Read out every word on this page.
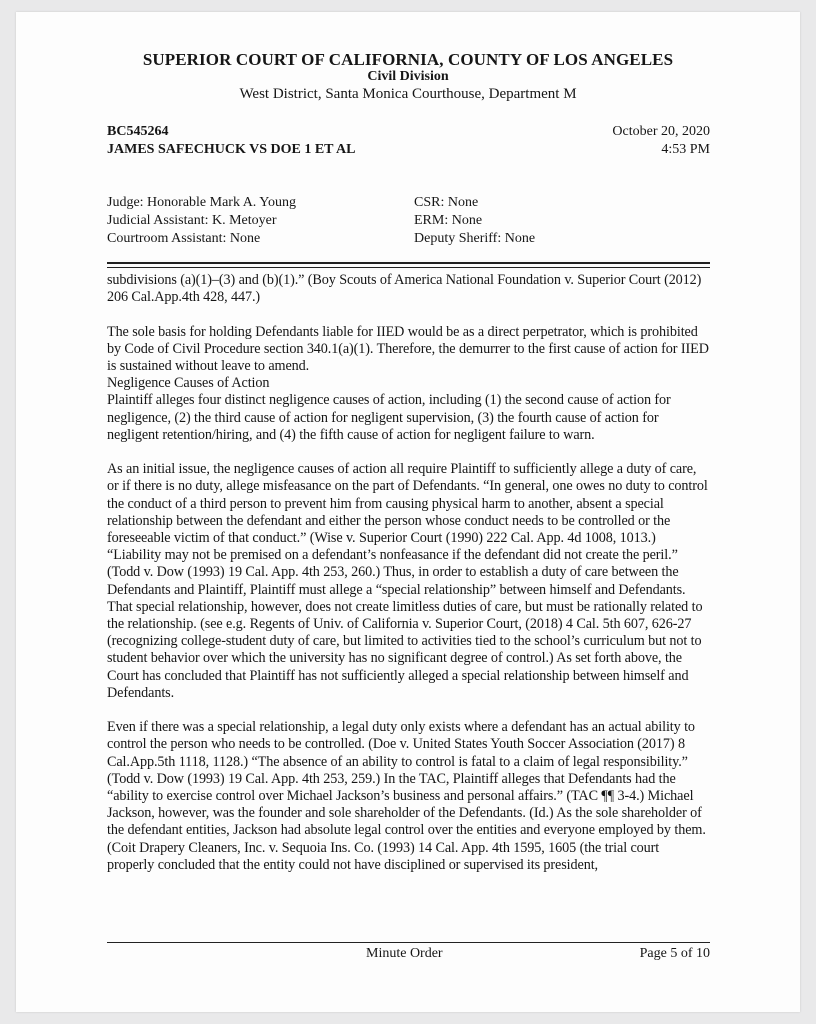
SUPERIOR COURT OF CALIFORNIA, COUNTY OF LOS ANGELES
Civil Division
West District, Santa Monica Courthouse, Department M
BC545264
JAMES SAFECHUCK VS DOE 1 ET AL
October 20, 2020
4:53 PM
Judge: Honorable Mark A. Young
Judicial Assistant: K. Metoyer
Courtroom Assistant: None
CSR: None
ERM: None
Deputy Sheriff: None

subdivisions (a)(1)–(3) and (b)(1).” (Boy Scouts of America National Foundation v. Superior Court (2012) 206 Cal.App.4th 428, 447.)

The sole basis for holding Defendants liable for IIED would be as a direct perpetrator, which is prohibited by Code of Civil Procedure section 340.1(a)(1). Therefore, the demurrer to the first cause of action for IIED is sustained without leave to amend.

Negligence Causes of Action

Plaintiff alleges four distinct negligence causes of action, including (1) the second cause of action for negligence, (2) the third cause of action for negligent supervision, (3) the fourth cause of action for negligent retention/hiring, and (4) the fifth cause of action for negligent failure to warn.

As an initial issue, the negligence causes of action all require Plaintiff to sufficiently allege a duty of care, or if there is no duty, allege misfeasance on the part of Defendants. “In general, one owes no duty to control the conduct of a third person to prevent him from causing physical harm to another, absent a special relationship between the defendant and either the person whose conduct needs to be controlled or the foreseeable victim of that conduct.” (Wise v. Superior Court (1990) 222 Cal. App. 4d 1008, 1013.) “Liability may not be premised on a defendant’s nonfeasance if the defendant did not create the peril.” (Todd v. Dow (1993) 19 Cal. App. 4th 253, 260.) Thus, in order to establish a duty of care between the Defendants and Plaintiff, Plaintiff must allege a “special relationship” between himself and Defendants. That special relationship, however, does not create limitless duties of care, but must be rationally related to the relationship. (see e.g. Regents of Univ. of California v. Superior Court, (2018) 4 Cal. 5th 607, 626-27 (recognizing college-student duty of care, but limited to activities tied to the school’s curriculum but not to student behavior over which the university has no significant degree of control.) As set forth above, the Court has concluded that Plaintiff has not sufficiently alleged a special relationship between himself and Defendants.

Even if there was a special relationship, a legal duty only exists where a defendant has an actual ability to control the person who needs to be controlled. (Doe v. United States Youth Soccer Association (2017) 8 Cal.App.5th 1118, 1128.) “The absence of an ability to control is fatal to a claim of legal responsibility.” (Todd v. Dow (1993) 19 Cal. App. 4th 253, 259.) In the TAC, Plaintiff alleges that Defendants had the “ability to exercise control over Michael Jackson’s business and personal affairs.” (TAC ¶¶ 3-4.) Michael Jackson, however, was the founder and sole shareholder of the Defendants. (Id.) As the sole shareholder of the defendant entities, Jackson had absolute legal control over the entities and everyone employed by them. (Coit Drapery Cleaners, Inc. v. Sequoia Ins. Co. (1993) 14 Cal. App. 4th 1595, 1605 (the trial court properly concluded that the entity could not have disciplined or supervised its president,

Minute Order	Page 5 of 10
